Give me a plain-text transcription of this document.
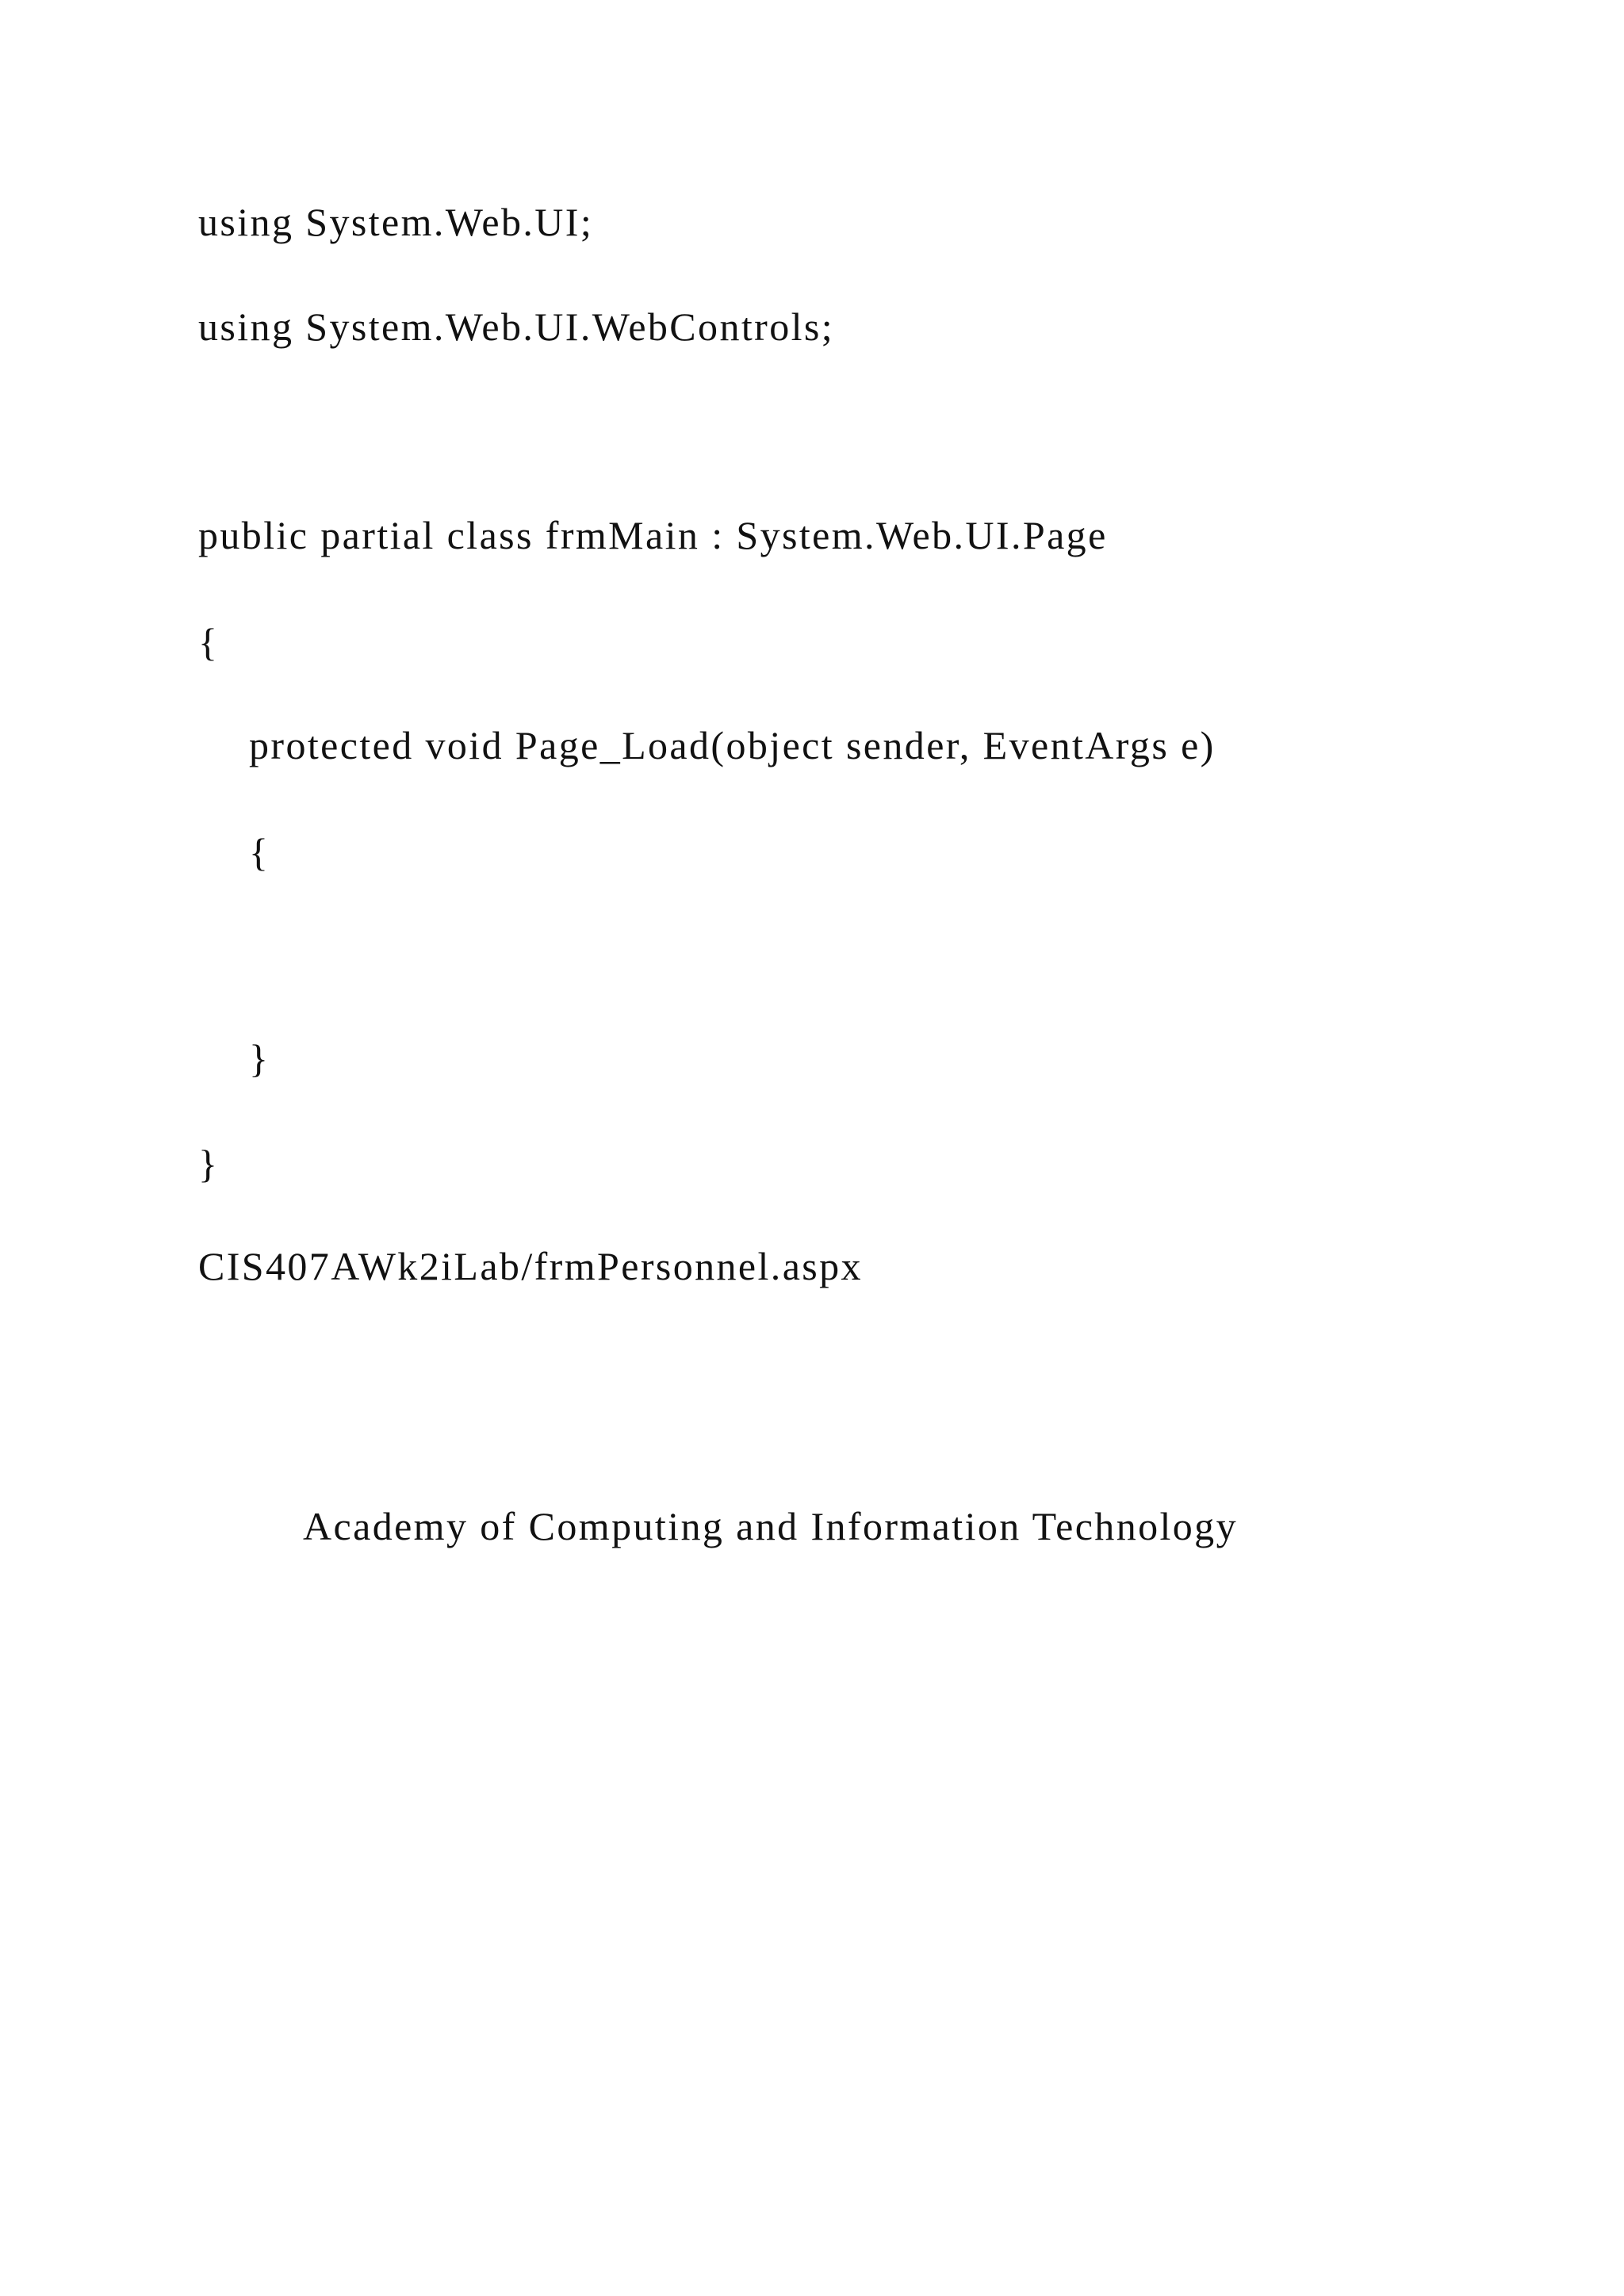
using System.Web.UI;
using System.Web.UI.WebControls;
public partial class frmMain : System.Web.UI.Page
{
protected void Page_Load(object sender, EventArgs e)
{
}
}
CIS407AWk2iLab/frmPersonnel.aspx
Academy of Computing and Information Technology
